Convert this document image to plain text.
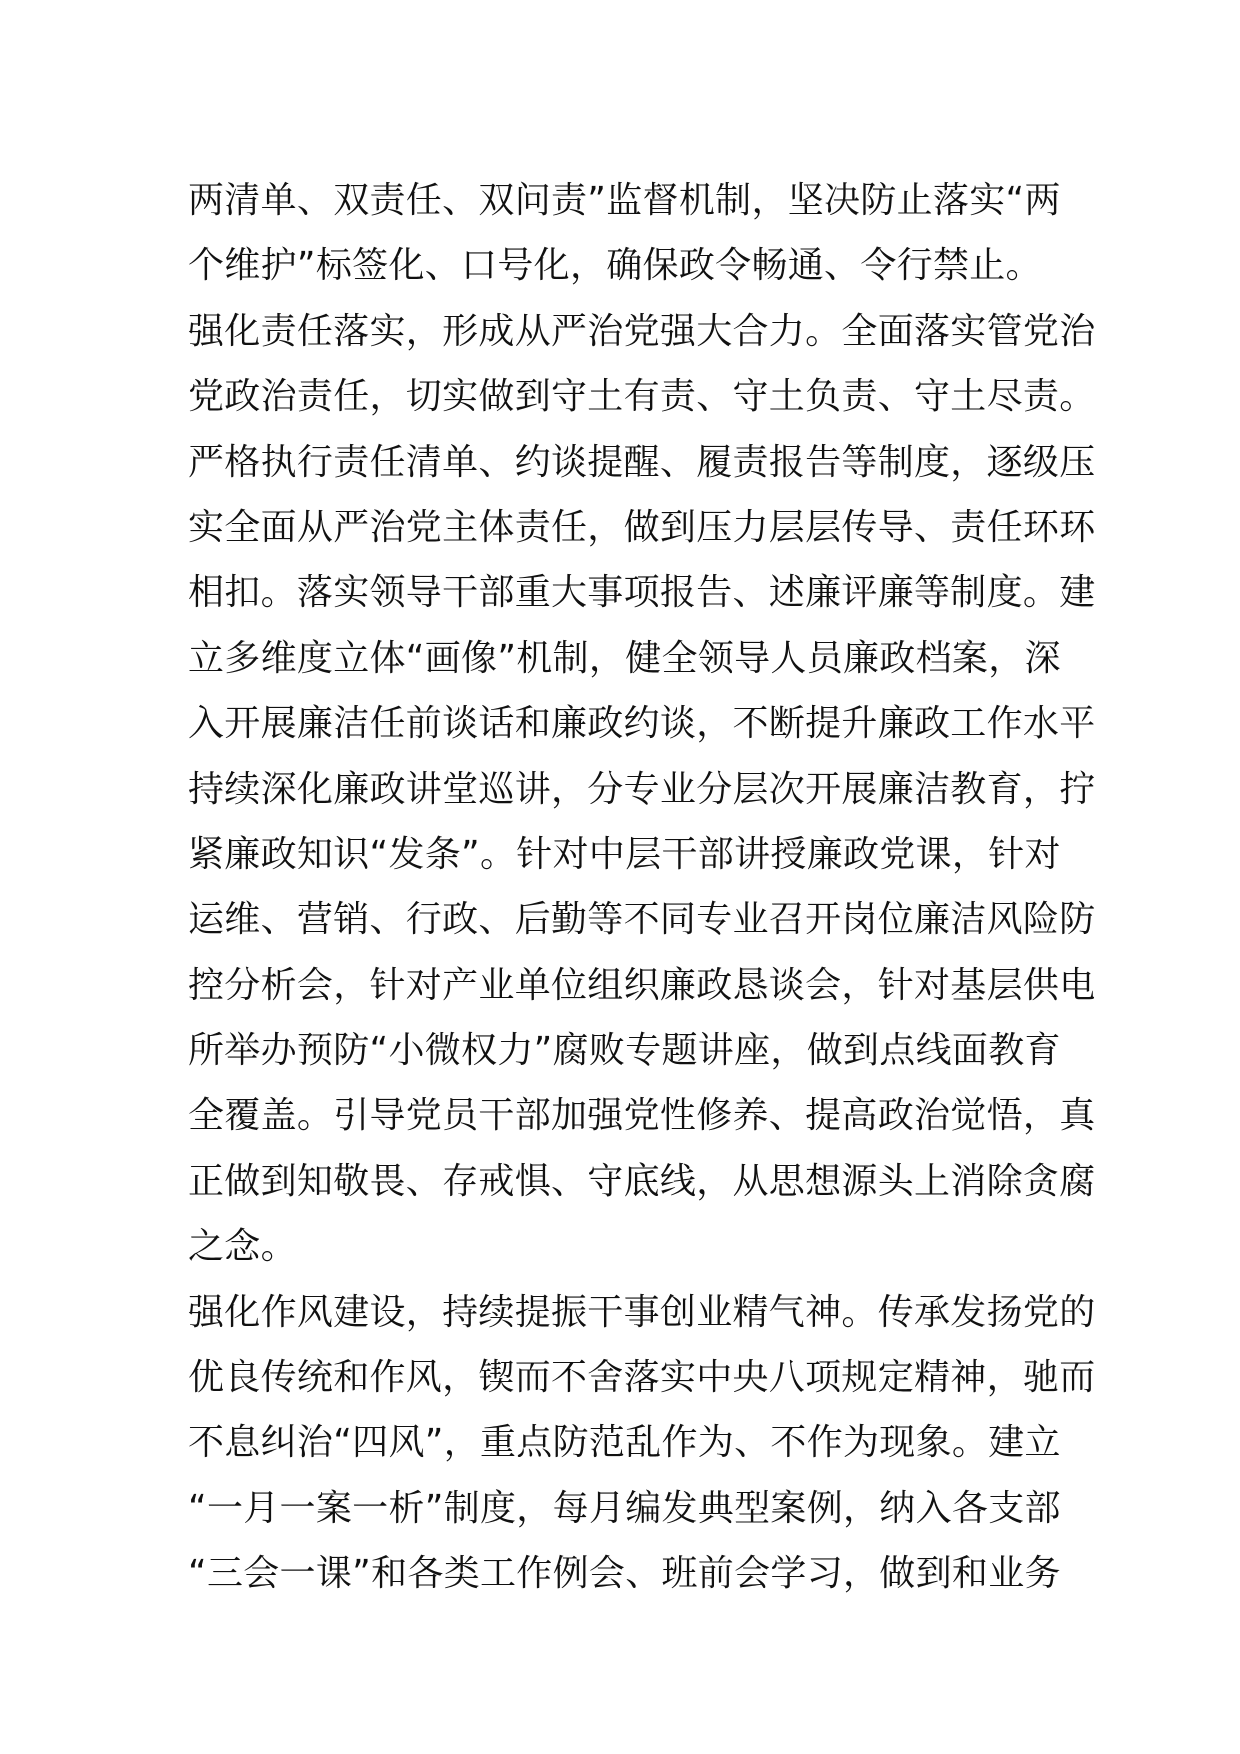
两清单、双责任、双问责”监督机制，坚决防止落实“两
个维护”标签化、口号化，确保政令畅通、令行禁止。
强化责任落实，形成从严治党强大合力。全面落实管党治
党政治责任，切实做到守土有责、守土负责、守土尽责。
严格执行责任清单、约谈提醒、履责报告等制度，逐级压
实全面从严治党主体责任，做到压力层层传导、责任环环
相扣。落实领导干部重大事项报告、述廉评廉等制度。建
立多维度立体“画像”机制，健全领导人员廉政档案，深
入开展廉洁任前谈话和廉政约谈，不断提升廉政工作水平
持续深化廉政讲堂巡讲，分专业分层次开展廉洁教育，拧
紧廉政知识“发条”。针对中层干部讲授廉政党课，针对
运维、营销、行政、后勤等不同专业召开岗位廉洁风险防
控分析会，针对产业单位组织廉政恳谈会，针对基层供电
所举办预防“小微权力”腐败专题讲座，做到点线面教育
全覆盖。引导党员干部加强党性修养、提高政治觉悟，真
正做到知敬畏、存戒惧、守底线，从思想源头上消除贪腐
之念。
强化作风建设，持续提振干事创业精气神。传承发扬党的
优良传统和作风，锲而不舍落实中央八项规定精神，驰而
不息纠治“四风”，重点防范乱作为、不作为现象。建立
“一月一案一析”制度，每月编发典型案例，纳入各支部
“三会一课”和各类工作例会、班前会学习，做到和业务
